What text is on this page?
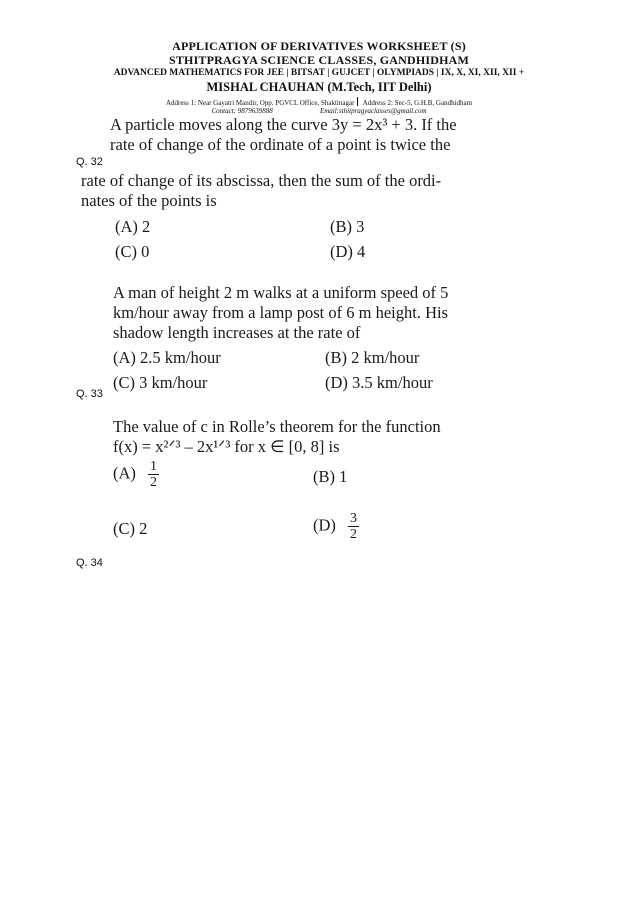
APPLICATION OF DERIVATIVES WORKSHEET (S)
STHITPRAGYA SCIENCE CLASSES, GANDHIDHAM
ADVANCED MATHEMATICS FOR JEE | BITSAT | GUJCET | OLYMPIADS | IX, X, XI, XII, XII +
MISHAL CHAUHAN (M.Tech, IIT Delhi)
Address 1: Near Gayatri Mandir, Opp. PGVCL Office, Shaktinagar Address 2: Sec-5, G.H.B, Gandhidham
Contact: 9879639888	Email:sthitpragyaclasses@gmail.com
A particle moves along the curve 3y = 2x³ + 3. If the
rate of change of the ordinate of a point is twice the
Q. 32
rate of change of its abscissa, then the sum of the ordi-
nates of the points is
(A) 2	(B) 3
(C) 0	(D) 4
A man of height 2 m walks at a uniform speed of 5
km/hour away from a lamp post of 6 m height. His
shadow length increases at the rate of
(A) 2.5 km/hour	(B) 2 km/hour
(C) 3 km/hour	(D) 3.5 km/hour
Q. 33
The value of c in Rolle’s theorem for the function
f(x) = x²ᐟ³ – 2x¹ᐟ³ for x ∈ [0, 8] is
$(A) \frac{1}{2}$	(B) 1
(C) 2	$(D) \frac{3}{2}$
Q. 34
